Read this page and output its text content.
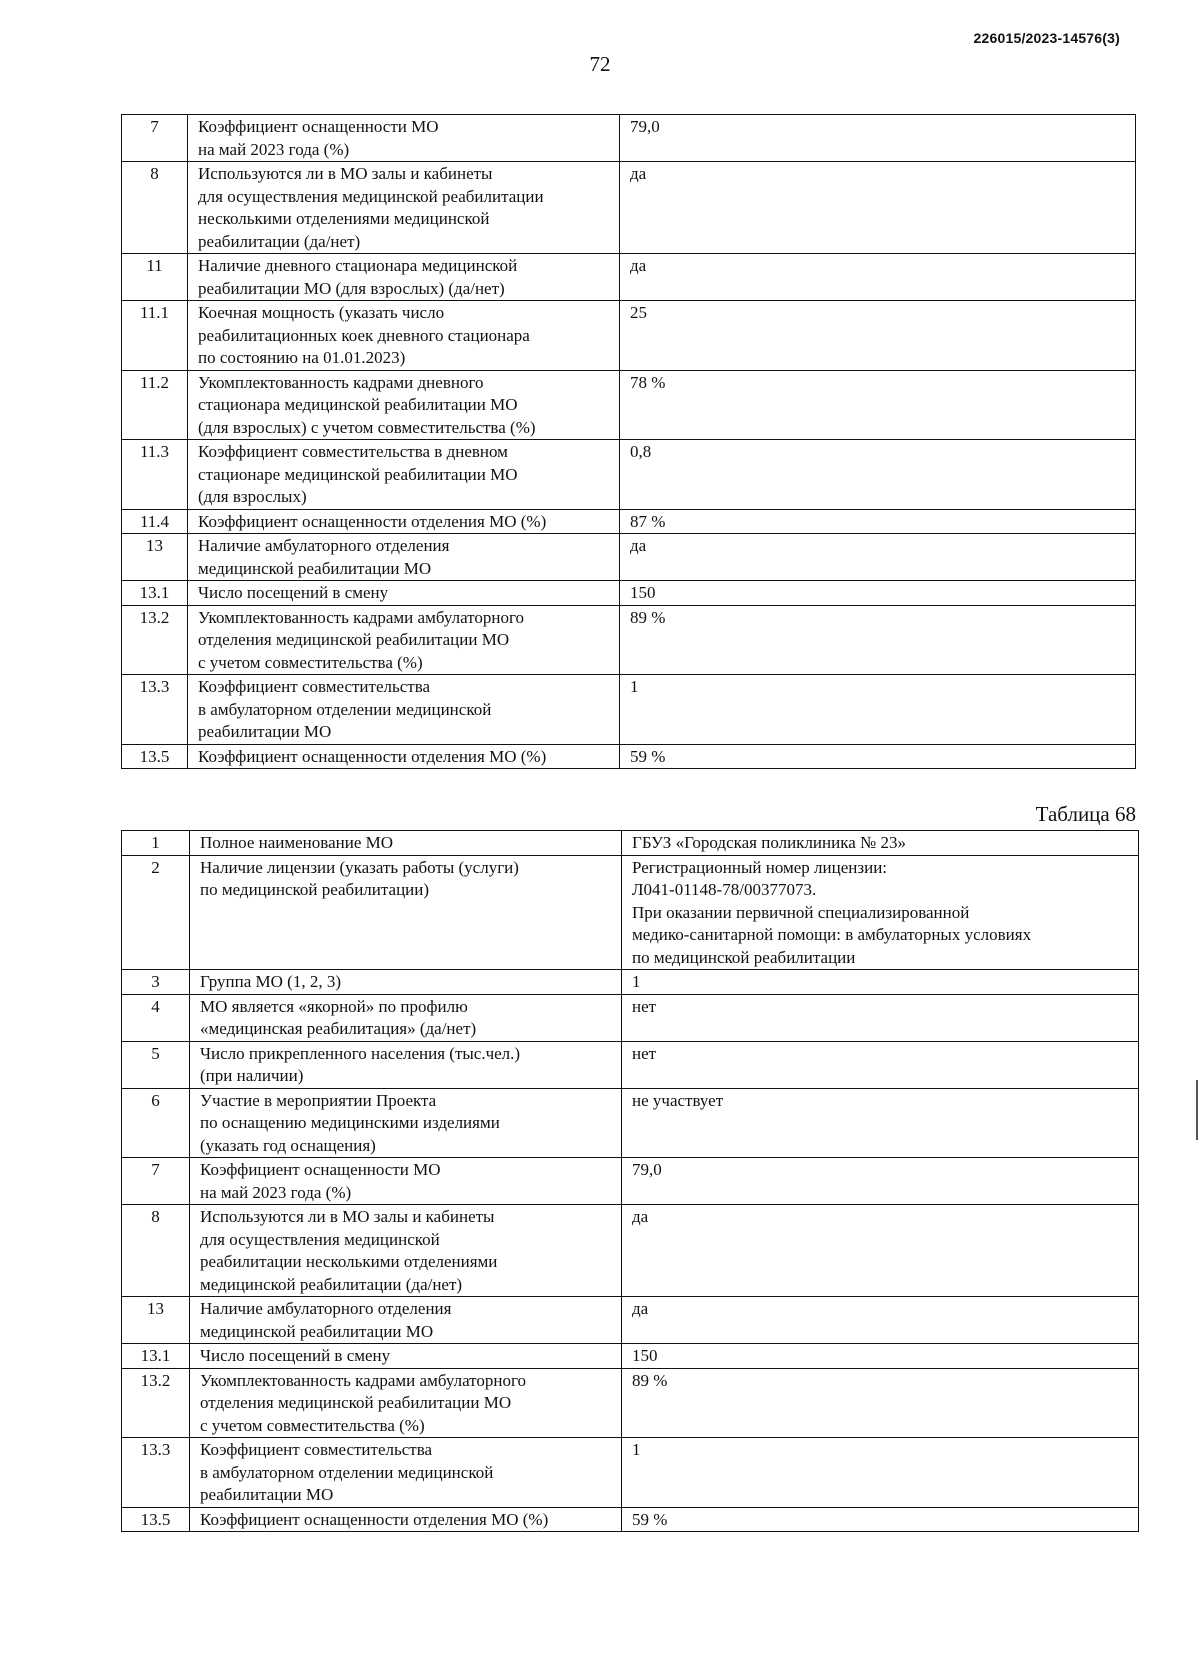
226015/2023-14576(3)
72
7	Коэффициент оснащенности МО
на май 2023 года (%)	79,0
8	Используются ли в МО залы и кабинеты
для осуществления медицинской реабилитации
несколькими отделениями медицинской
реабилитации (да/нет)	да
11	Наличие дневного стационара медицинской
реабилитации МО (для взрослых) (да/нет)	да
11.1	Коечная мощность (указать число
реабилитационных коек дневного стационара
по состоянию на 01.01.2023)	25
11.2	Укомплектованность кадрами дневного
стационара медицинской реабилитации МО
(для взрослых) с учетом совместительства (%)	78 %
11.3	Коэффициент совместительства в дневном
стационаре медицинской реабилитации МО
(для взрослых)	0,8
11.4	Коэффициент оснащенности отделения МО (%)	87 %
13	Наличие амбулаторного отделения
медицинской реабилитации МО	да
13.1	Число посещений в смену	150
13.2	Укомплектованность кадрами амбулаторного
отделения медицинской реабилитации МО
с учетом совместительства (%)	89 %
13.3	Коэффициент совместительства
в амбулаторном отделении медицинской
реабилитации МО	1
13.5	Коэффициент оснащенности отделения МО (%)	59 %
Таблица 68
1	Полное наименование МО	ГБУЗ «Городская поликлиника № 23»
2	Наличие лицензии (указать работы (услуги)
по медицинской реабилитации)	Регистрационный номер лицензии:
Л041-01148-78/00377073.
При оказании первичной специализированной
медико-санитарной помощи: в амбулаторных условиях
по медицинской реабилитации
3	Группа МО (1, 2, 3)	1
4	МО является «якорной» по профилю
«медицинская реабилитация» (да/нет)	нет
5	Число прикрепленного населения (тыс.чел.)
(при наличии)	нет
6	Участие в мероприятии Проекта
по оснащению медицинскими изделиями
(указать год оснащения)	не участвует
7	Коэффициент оснащенности МО
на май 2023 года (%)	79,0
8	Используются ли в МО залы и кабинеты
для осуществления медицинской
реабилитации несколькими отделениями
медицинской реабилитации (да/нет)	да
13	Наличие амбулаторного отделения
медицинской реабилитации МО	да
13.1	Число посещений в смену	150
13.2	Укомплектованность кадрами амбулаторного
отделения медицинской реабилитации МО
с учетом совместительства (%)	89 %
13.3	Коэффициент совместительства
в амбулаторном отделении медицинской
реабилитации МО	1
13.5	Коэффициент оснащенности отделения МО (%)	59 %
